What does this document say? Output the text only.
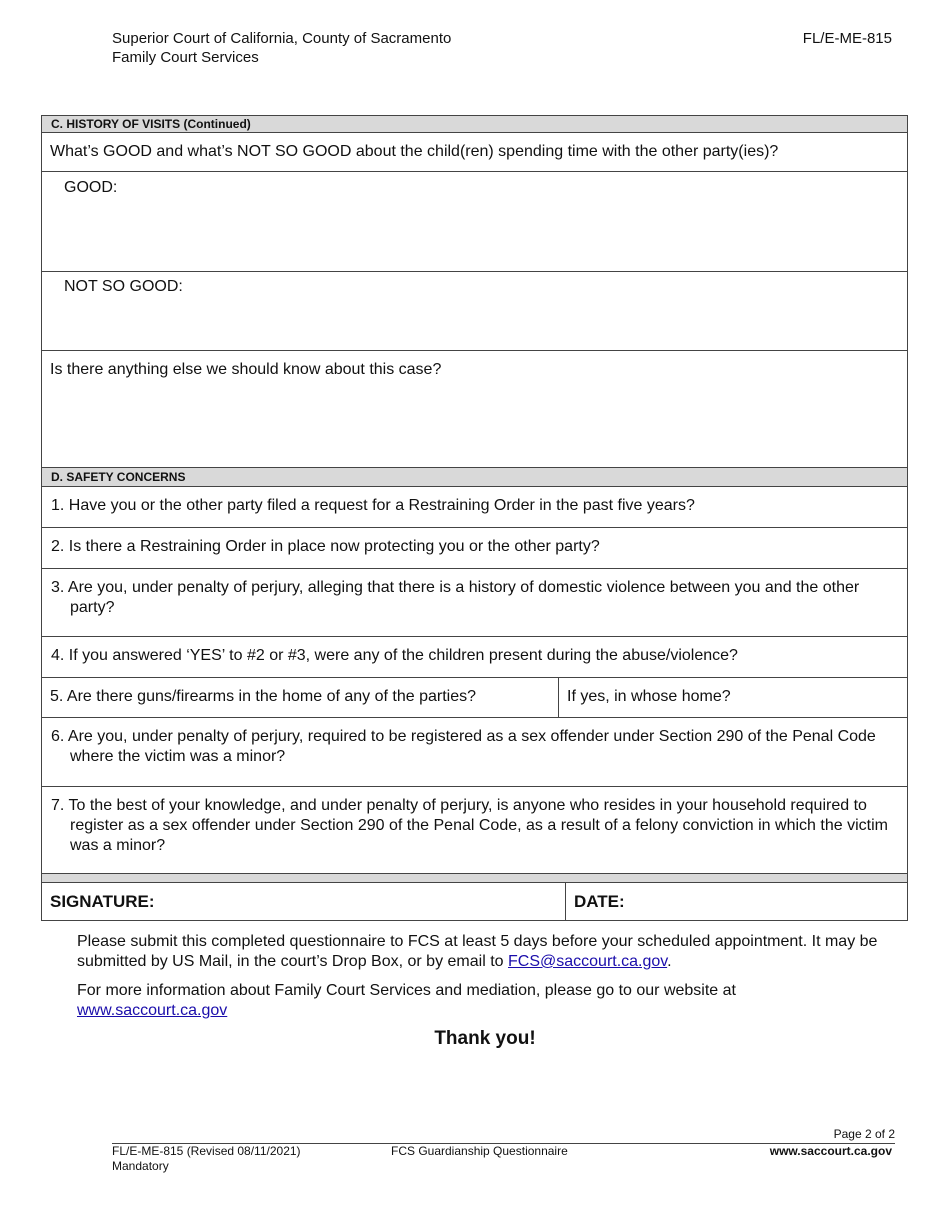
Superior Court of California, County of Sacramento
Family Court Services
FL/E-ME-815
C. HISTORY OF VISITS (Continued)
What’s GOOD and what’s NOT SO GOOD about the child(ren) spending time with the other party(ies)?
GOOD:
NOT SO GOOD:
Is there anything else we should know about this case?
D. SAFETY CONCERNS
1. Have you or the other party filed a request for a Restraining Order in the past five years?
2. Is there a Restraining Order in place now protecting you or the other party?
3. Are you, under penalty of perjury, alleging that there is a history of domestic violence between you and the other party?
4. If you answered ‘YES’ to #2 or #3, were any of the children present during the abuse/violence?
5. Are there guns/firearms in the home of any of the parties?	If yes, in whose home?
6. Are you, under penalty of perjury, required to be registered as a sex offender under Section 290 of the Penal Code where the victim was a minor?
7. To the best of your knowledge, and under penalty of perjury, is anyone who resides in your household required to register as a sex offender under Section 290 of the Penal Code, as a result of a felony conviction in which the victim was a minor?
SIGNATURE:	DATE:
Please submit this completed questionnaire to FCS at least 5 days before your scheduled appointment. It may be submitted by US Mail, in the court’s Drop Box, or by email to FCS@saccourt.ca.gov.
For more information about Family Court Services and mediation, please go to our website at
www.saccourt.ca.gov
Thank you!
Page 2 of 2
FL/E-ME-815 (Revised 08/11/2021)
Mandatory
FCS Guardianship Questionnaire	www.saccourt.ca.gov
